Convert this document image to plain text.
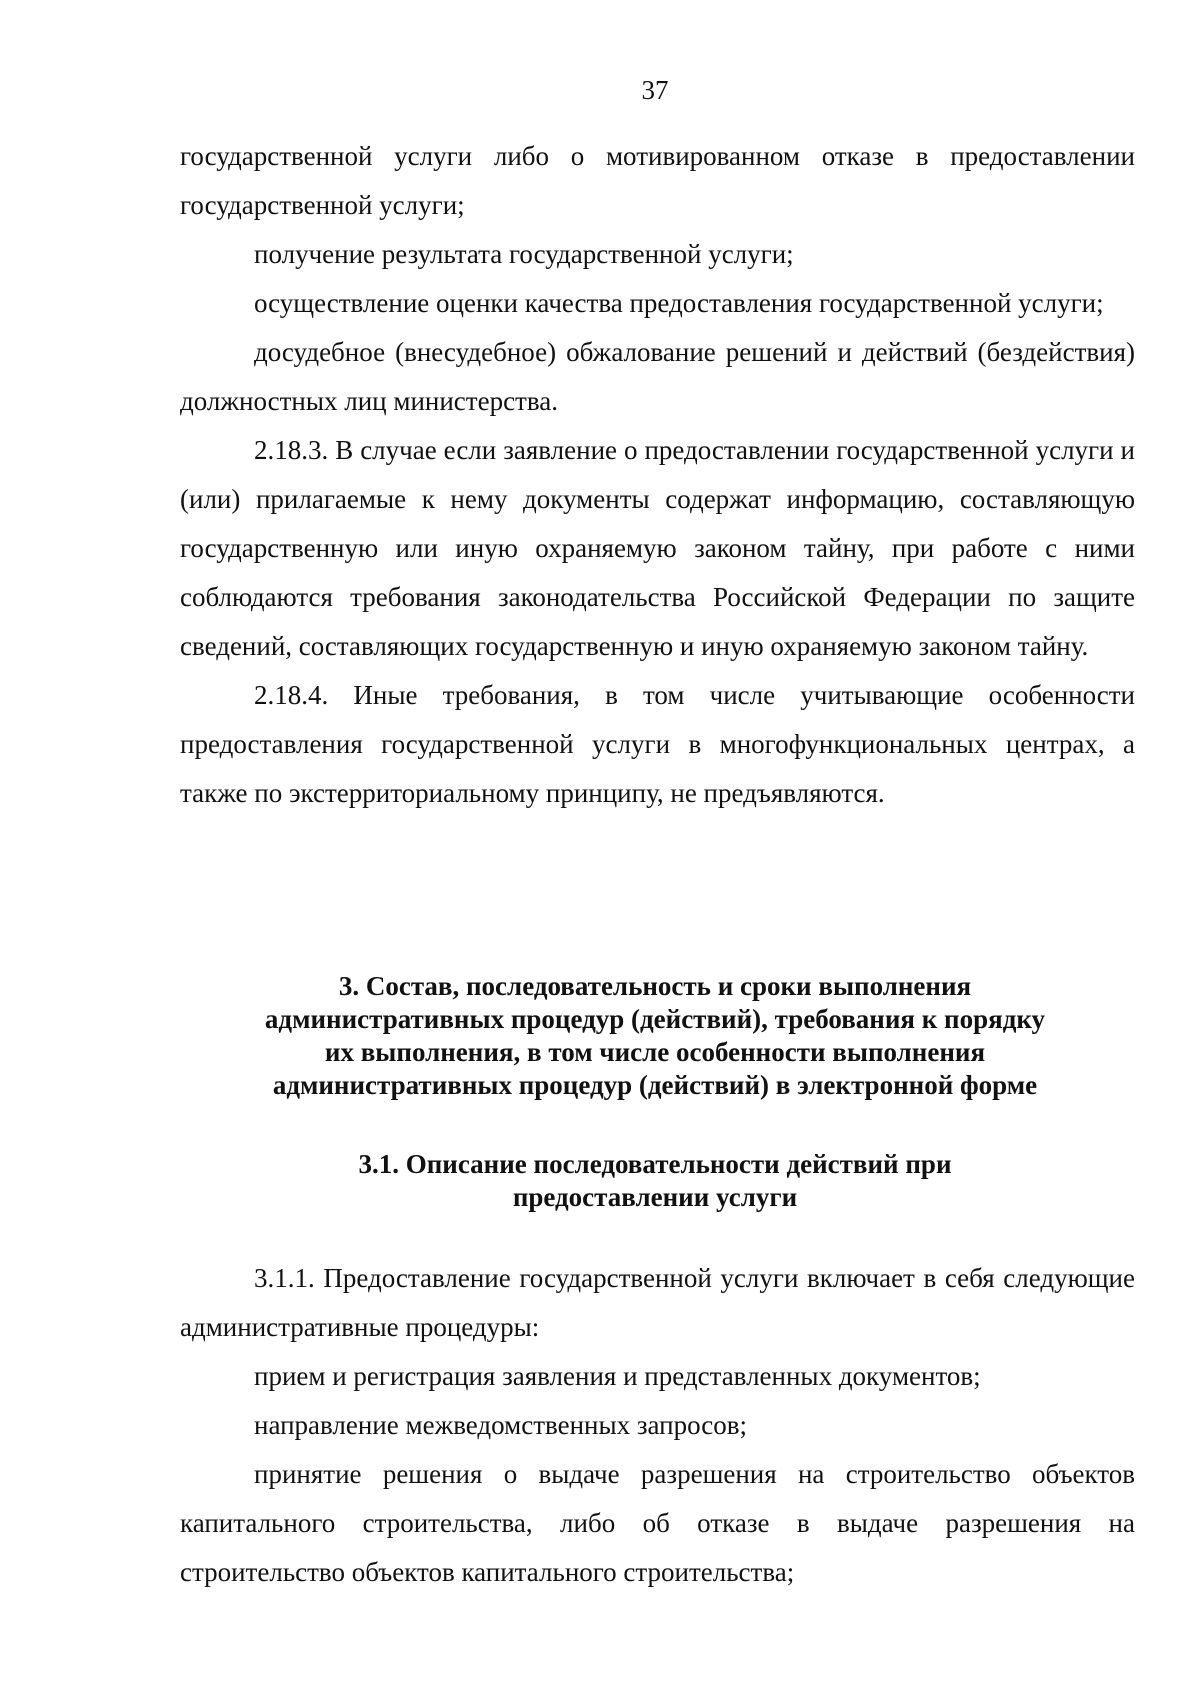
37

государственной услуги либо о мотивированном отказе в предоставлении государственной услуги;

получение результата государственной услуги;

осуществление оценки качества предоставления государственной услуги;

досудебное (внесудебное) обжалование решений и действий (бездействия) должностных лиц министерства.

2.18.3. В случае если заявление о предоставлении государственной услуги и (или) прилагаемые к нему документы содержат информацию, составляющую государственную или иную охраняемую законом тайну, при работе с ними соблюдаются требования законодательства Российской Федерации по защите сведений, составляющих государственную и иную охраняемую законом тайну.

2.18.4. Иные требования, в том числе учитывающие особенности предоставления государственной услуги в многофункциональных центрах, а также по экстерриториальному принципу, не предъявляются.

3. Состав, последовательность и сроки выполнения
административных процедур (действий), требования к порядку
их выполнения, в том числе особенности выполнения
административных процедур (действий) в электронной форме
3.1. Описание последовательности действий при
предоставлении услуги

3.1.1. Предоставление государственной услуги включает в себя следующие административные процедуры:

прием и регистрация заявления и представленных документов;

направление межведомственных запросов;

принятие решения о выдаче разрешения на строительство объектов капитального строительства, либо об отказе в выдаче разрешения на строительство объектов капитального строительства;
